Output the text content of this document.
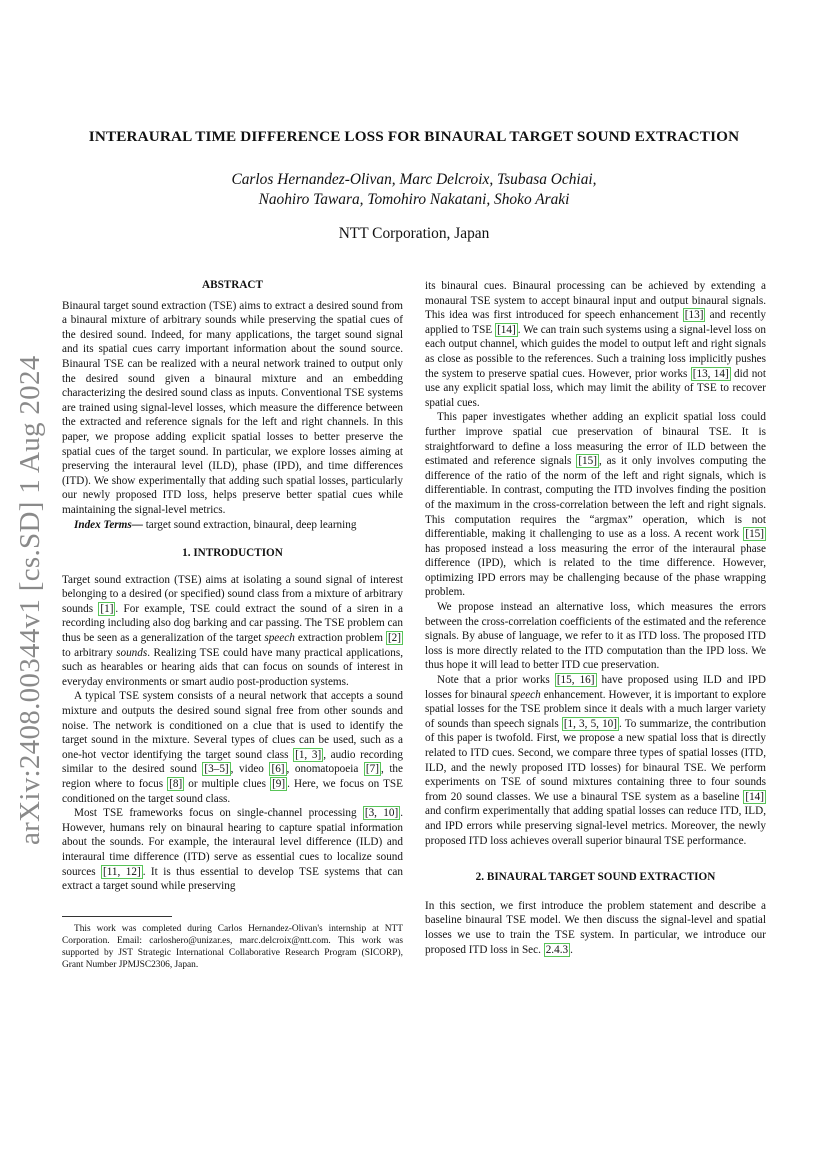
arXiv:2408.00344v1 [cs.SD] 1 Aug 2024
INTERAURAL TIME DIFFERENCE LOSS FOR BINAURAL TARGET SOUND EXTRACTION
Carlos Hernandez-Olivan, Marc Delcroix, Tsubasa Ochiai,
Naohiro Tawara, Tomohiro Nakatani, Shoko Araki
NTT Corporation, Japan
ABSTRACT

Binaural target sound extraction (TSE) aims to extract a desired sound from a binaural mixture of arbitrary sounds while preserving the spatial cues of the desired sound. Indeed, for many applications, the target sound signal and its spatial cues carry important information about the sound source. Binaural TSE can be realized with a neural network trained to output only the desired sound given a binaural mixture and an embedding characterizing the desired sound class as inputs. Conventional TSE systems are trained using signal-level losses, which measure the difference between the extracted and reference signals for the left and right channels. In this paper, we propose adding explicit spatial losses to better preserve the spatial cues of the target sound. In particular, we explore losses aiming at preserving the interaural level (ILD), phase (IPD), and time differences (ITD). We show experimentally that adding such spatial losses, particularly our newly proposed ITD loss, helps preserve better spatial cues while maintaining the signal-level metrics.

Index Terms— target sound extraction, binaural, deep learning

1. INTRODUCTION

Target sound extraction (TSE) aims at isolating a sound signal of interest belonging to a desired (or specified) sound class from a mixture of arbitrary sounds [1] . For example, TSE could extract the sound of a siren in a recording including also dog barking and car passing. The TSE problem can thus be seen as a generalization of the target speech extraction problem [2] to arbitrary sounds. Realizing TSE could have many practical applications, such as hearables or hearing aids that can focus on sounds of interest in everyday environments or smart audio post-production systems.

A typical TSE system consists of a neural network that accepts a sound mixture and outputs the desired sound signal free from other sounds and noise. The network is conditioned on a clue that is used to identify the target sound in the mixture. Several types of clues can be used, such as a one-hot vector identifying the target sound class [1, 3] , audio recording similar to the desired sound [3–5] , video [6] , onomatopoeia [7] , the region where to focus [8] or multiple clues [9] . Here, we focus on TSE conditioned on the target sound class.

Most TSE frameworks focus on single-channel processing [3, 10] . However, humans rely on binaural hearing to capture spatial information about the sounds. For example, the interaural level difference (ILD) and interaural time difference (ITD) serve as essential cues to localize sound sources [11, 12] . It is thus essential to develop TSE systems that can extract a target sound while preserving

This work was completed during Carlos Hernandez-Olivan's internship at NTT Corporation. Email: carloshero@unizar.es, marc.delcroix@ntt.com. This work was supported by JST Strategic International Collaborative Research Program (SICORP), Grant Number JPMJSC2306, Japan.

its binaural cues. Binaural processing can be achieved by extending a monaural TSE system to accept binaural input and output binaural signals. This idea was first introduced for speech enhancement [13] and recently applied to TSE [14] . We can train such systems using a signal-level loss on each output channel, which guides the model to output left and right signals as close as possible to the references. Such a training loss implicitly pushes the system to preserve spatial cues. However, prior works [13, 14] did not use any explicit spatial loss, which may limit the ability of TSE to recover spatial cues.

This paper investigates whether adding an explicit spatial loss could further improve spatial cue preservation of binaural TSE. It is straightforward to define a loss measuring the error of ILD between the estimated and reference signals [15] , as it only involves computing the difference of the ratio of the norm of the left and right signals, which is differentiable. In contrast, computing the ITD involves finding the position of the maximum in the cross-correlation between the left and right signals. This computation requires the “argmax” operation, which is not differentiable, making it challenging to use as a loss. A recent work [15] has proposed instead a loss measuring the error of the interaural phase difference (IPD), which is related to the time difference. However, optimizing IPD errors may be challenging because of the phase wrapping problem.

We propose instead an alternative loss, which measures the errors between the cross-correlation coefficients of the estimated and the reference signals. By abuse of language, we refer to it as ITD loss. The proposed ITD loss is more directly related to the ITD computation than the IPD loss. We thus hope it will lead to better ITD cue preservation.

Note that a prior works [15, 16] have proposed using ILD and IPD losses for binaural speech enhancement. However, it is important to explore spatial losses for the TSE problem since it deals with a much larger variety of sounds than speech signals [1, 3, 5, 10] . To summarize, the contribution of this paper is twofold. First, we propose a new spatial loss that is directly related to ITD cues. Second, we compare three types of spatial losses (ITD, ILD, and the newly proposed ITD losses) for binaural TSE. We perform experiments on TSE of sound mixtures containing three to four sounds from 20 sound classes. We use a binaural TSE system as a baseline [14] and confirm experimentally that adding spatial losses can reduce ITD, ILD, and IPD errors while preserving signal-level metrics. Moreover, the newly proposed ITD loss achieves overall superior binaural TSE performance.

2. BINAURAL TARGET SOUND EXTRACTION

In this section, we first introduce the problem statement and describe a baseline binaural TSE model. We then discuss the signal-level and spatial losses we use to train the TSE system. In particular, we introduce our proposed ITD loss in Sec. 2.4.3 .
